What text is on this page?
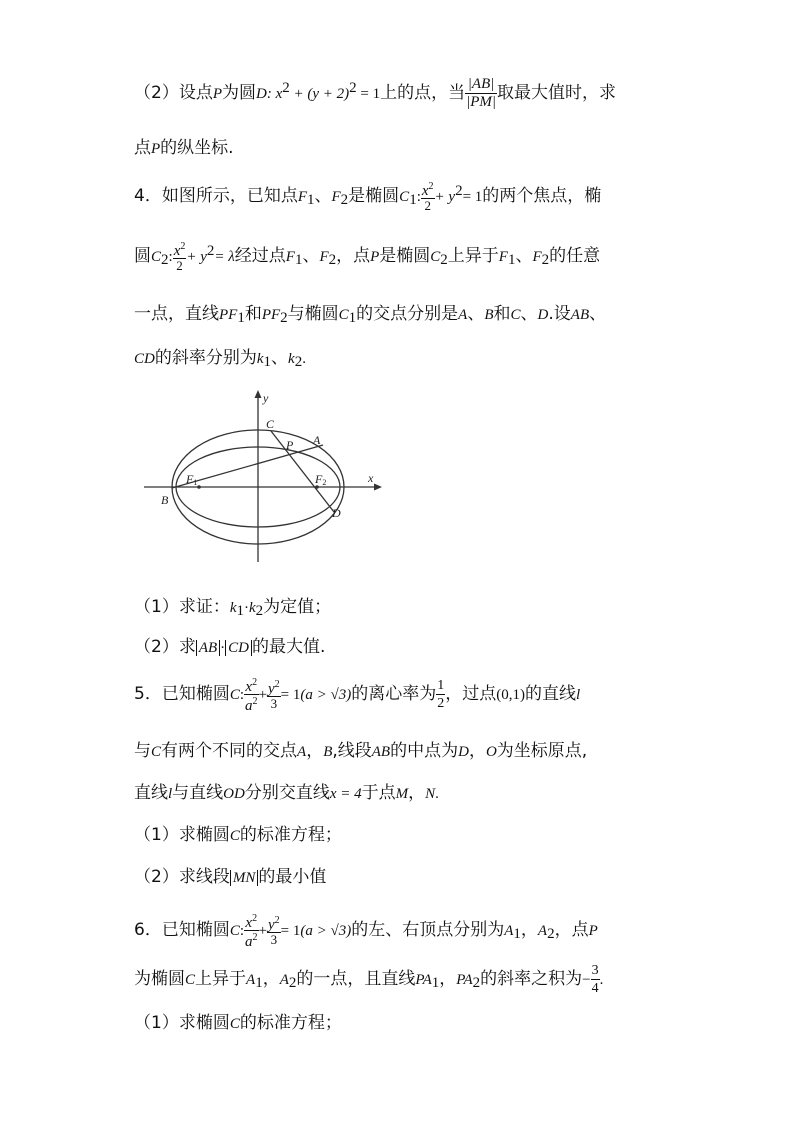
（2）设点P为圆D: $x^2 + (y + 2)^2 = 1$上的点，当 $\frac{|AB|}{|PM|}$ 取最大值时，求
点P的纵坐标.
4．如图所示，已知点$F_1$、$F_2$是椭圆$C_1$: $\frac{x^2}{2} + y^2= 1$的两个焦点，椭
圆$C_2$: $\frac{x^2}{2} + y^2= \lambda$经过点$F_1$、$F_2$，点P是椭圆$C_2$上异于$F_1$、$F_2$的任意
一点，直线$PF_1$和$PF_2$与椭圆$C_1$的交点分别是A、B和C、D.设AB、
CD的斜率分别为$k_1$、$k_2$.
y
x
C
P A
F1	F2
B
D
（1）求证：$k_1\cdot k_2$为定值；
（2）求 AB · CD 的最大值.
5．已知椭圆C: $\frac{x^2}{a^2} + \frac{y^2}{3} = 1(a > √3)$的离心率为 $\frac{1}{2}$ ，过点(0,1)的直线l
与C有两个不同的交点A，B,线段AB的中点为D，O为坐标原点,
直线l与直线OD分别交直线x = 4于点M，N.
（1）求椭圆C的标准方程；
（2）求线段 MN 的最小值
6．已知椭圆C: $\frac{x^2}{a^2} + \frac{y^2}{3} = 1(a > √3)$的左、右顶点分别为$A_1$，$A_2$，点P
为椭圆C上异于$A_1$，$A_2$的一点，且直线$PA_1$，$PA_2$的斜率之积为− $\frac{3}{4}$ .
（1）求椭圆C的标准方程；
